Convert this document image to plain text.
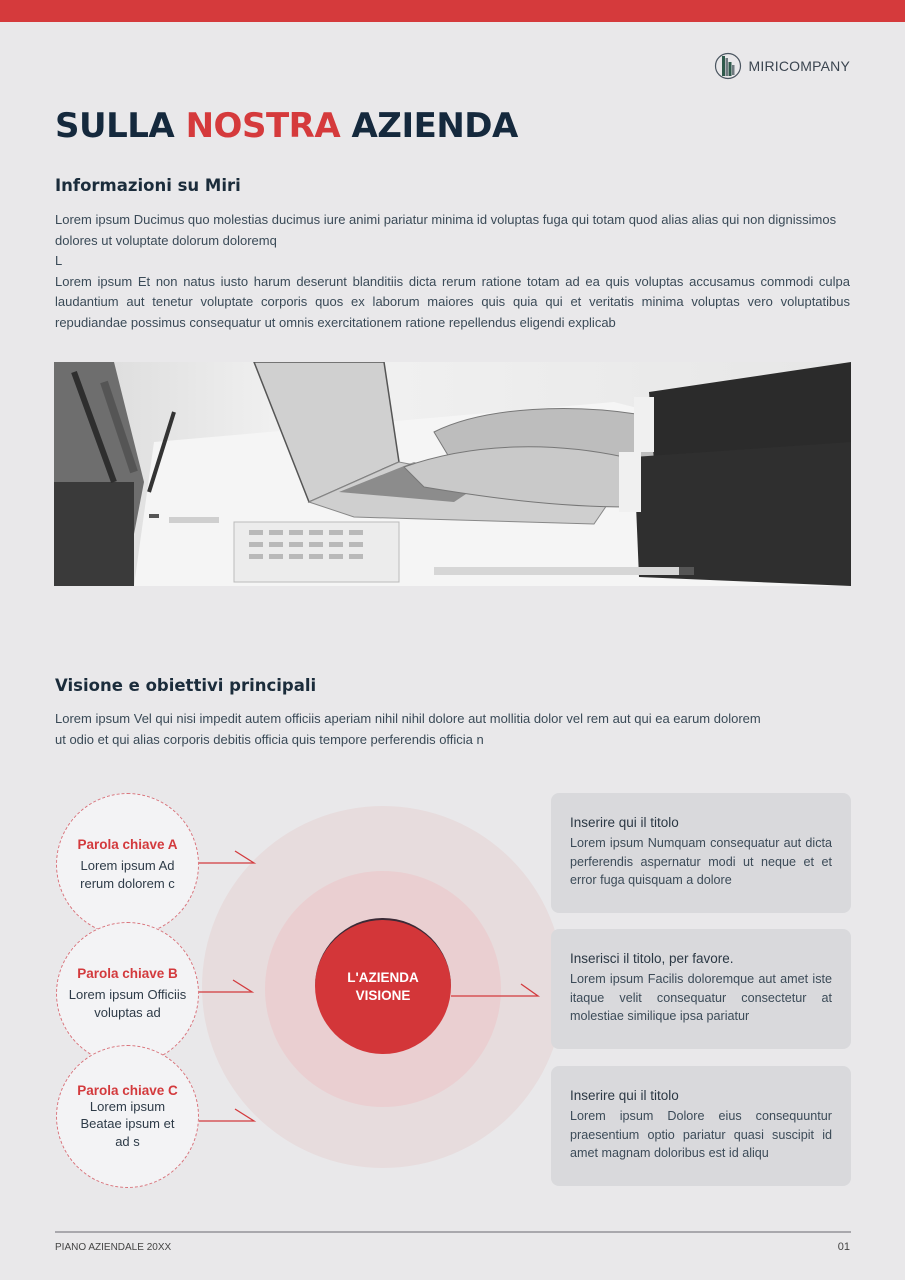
MIRICOMPANY
SULLA NOSTRA AZIENDA
Informazioni su Miri

Lorem ipsum Ducimus quo molestias ducimus iure animi pariatur minima id voluptas fuga qui totam quod alias alias qui non dignissimos dolores ut voluptate dolorum doloremq

L

Lorem ipsum Et non natus iusto harum deserunt blanditiis dicta rerum ratione totam ad ea quis voluptas accusamus commodi culpa laudantium aut tenetur voluptate corporis quos ex laborum maiores quis quia qui et veritatis minima voluptas vero voluptatibus repudiandae possimus consequatur ut omnis exercitationem ratione repellendus eligendi explicab

Visione e obiettivi principali

Lorem ipsum Vel qui nisi impedit autem officiis aperiam nihil nihil dolore aut mollitia dolor vel rem aut qui ea earum dolorem

ut odio et qui alias corporis debitis officia quis tempore perferendis officia n

L'AZIENDA
VISIONE
Parola chiave A
Lorem ipsum Ad rerum dolorem c
Parola chiave B
Lorem ipsum Officiis voluptas ad
Parola chiave C
Lorem ipsum Beatae ipsum et ad s
Inserire qui il titolo
Lorem ipsum Numquam consequatur aut dicta perferendis aspernatur modi ut neque et et error fuga quisquam a dolore
Inserisci il titolo, per favore.
Lorem ipsum Facilis doloremque aut amet iste itaque velit consequatur consectetur at molestiae similique ipsa pariatur
Inserire qui il titolo
Lorem ipsum Dolore eius consequuntur praesentium optio pariatur quasi suscipit id amet magnam doloribus est id aliqu
PIANO AZIENDALE 20XX	01
